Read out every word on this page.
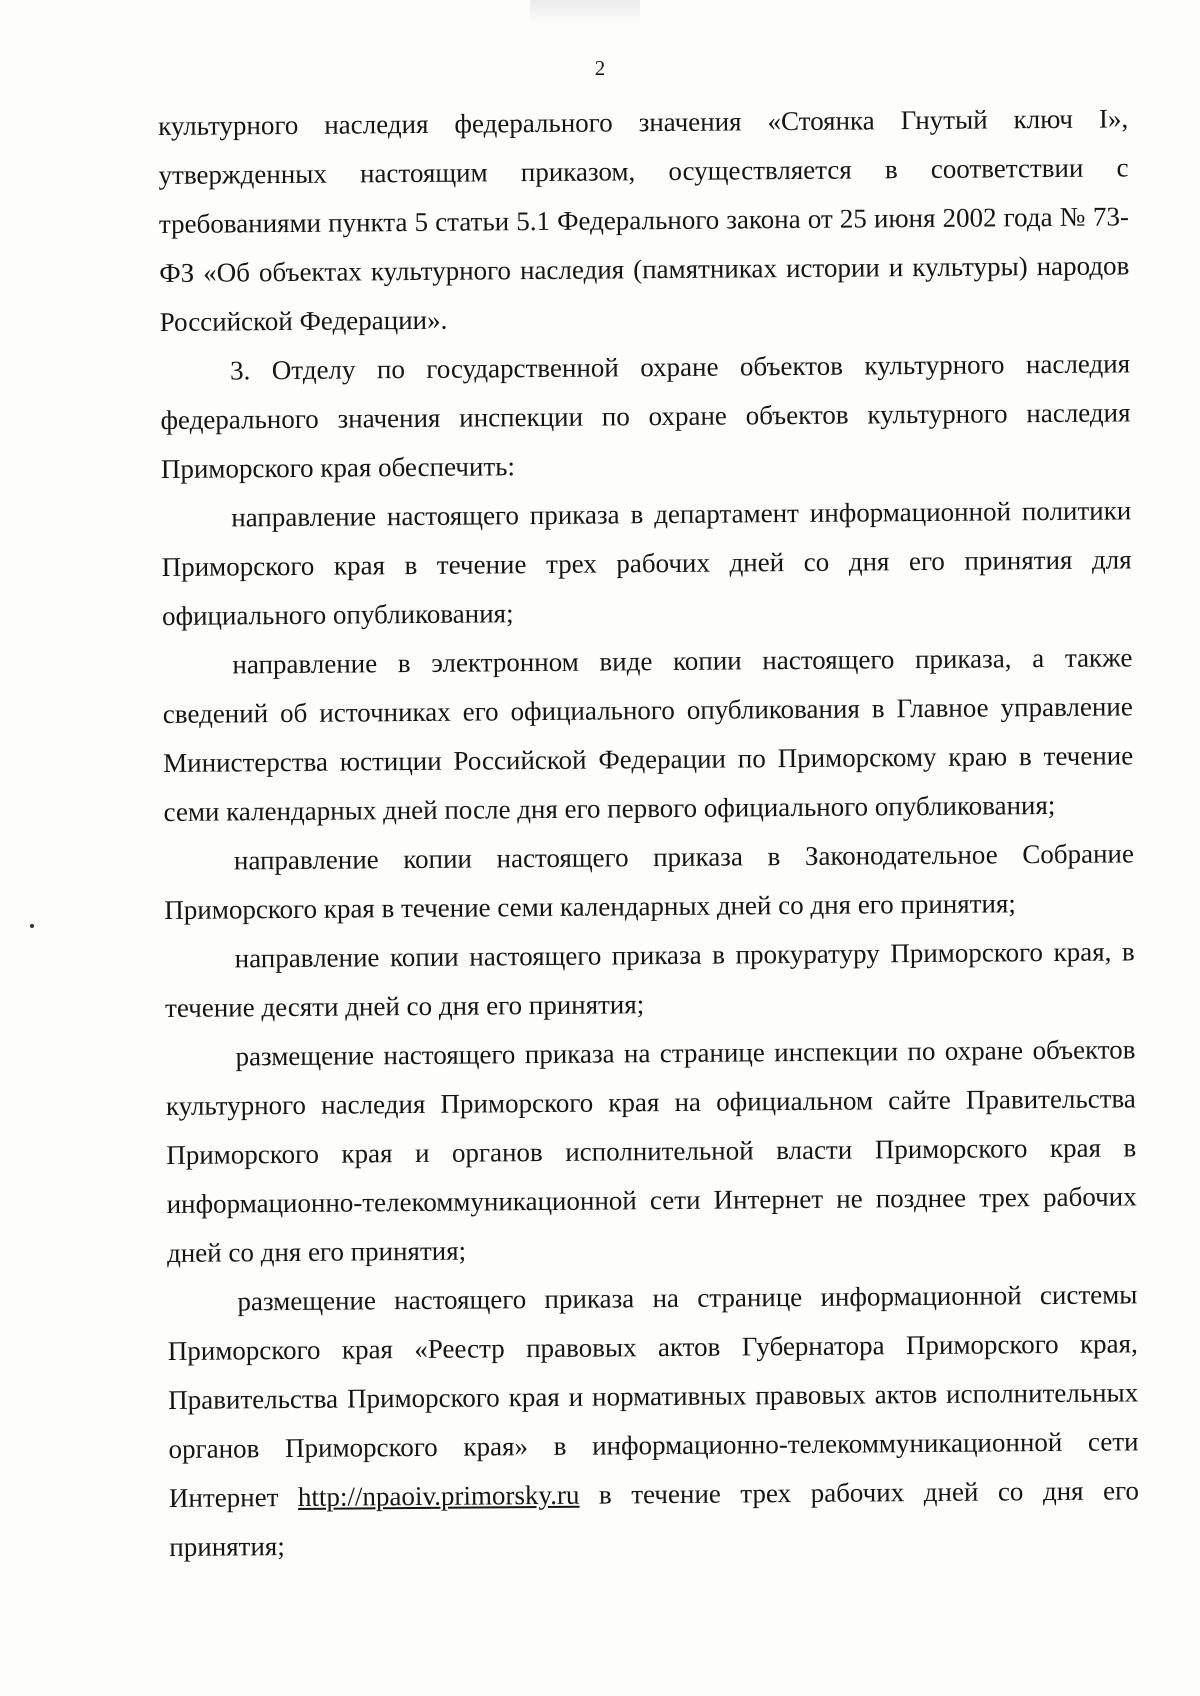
2

культурного наследия федерального значения «Стоянка Гнутый ключ I», утвержденных настоящим приказом, осуществляется в соответствии с требованиями пункта 5 статьи 5.1 Федерального закона от 25 июня 2002 года № 73-ФЗ «Об объектах культурного наследия (памятниках истории и культуры) народов Российской Федерации».

3. Отделу по государственной охране объектов культурного наследия федерального значения инспекции по охране объектов культурного наследия Приморского края обеспечить:

направление настоящего приказа в департамент информационной политики Приморского края в течение трех рабочих дней со дня его принятия для официального опубликования;

направление в электронном виде копии настоящего приказа, а также сведений об источниках его официального опубликования в Главное управление Министерства юстиции Российской Федерации по Приморскому краю в течение семи календарных дней после дня его первого официального опубликования;

направление копии настоящего приказа в Законодательное Собрание Приморского края в течение семи календарных дней со дня его принятия;

направление копии настоящего приказа в прокуратуру Приморского края, в течение десяти дней со дня его принятия;

размещение настоящего приказа на странице инспекции по охране объектов культурного наследия Приморского края на официальном сайте Правительства Приморского края и органов исполнительной власти Приморского края в информационно-телекоммуникационной сети Интернет не позднее трех рабочих дней со дня его принятия;

размещение настоящего приказа на странице информационной системы Приморского края «Реестр правовых актов Губернатора Приморского края, Правительства Приморского края и нормативных правовых актов исполнительных органов Приморского края» в информационно-телекоммуникационной сети Интернет http://npaoiv.primorsky.ru в течение трех рабочих дней со дня его принятия;
